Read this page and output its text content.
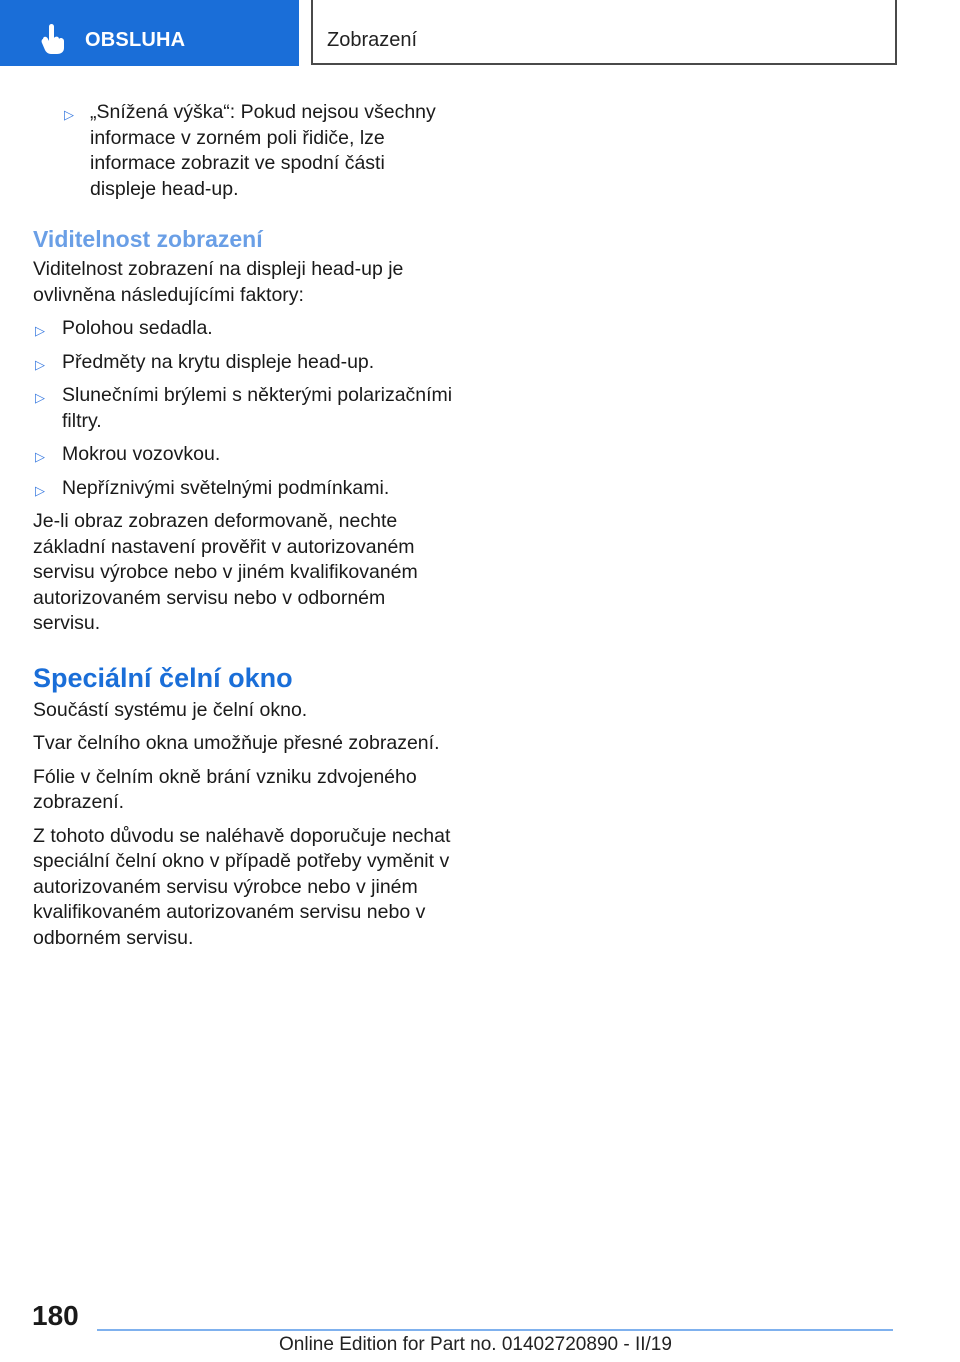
OBSLUHA	Zobrazení
▷ „Snížená výška“: Pokud nejsou všechny informace v zorném poli řidiče, lze informace zobrazit ve spodní části displeje head-up.
Viditelnost zobrazení

Viditelnost zobrazení na displeji head-up je ovlivněna následujícími faktory:

▷ Polohou sedadla.
▷ Předměty na krytu displeje head-up.
▷ Slunečními brýlemi s některými polarizačními filtry.
▷ Mokrou vozovkou.
▷ Nepříznivými světelnými podmínkami.

Je-li obraz zobrazen deformovaně, nechte základní nastavení prověřit v autorizovaném servisu výrobce nebo v jiném kvalifikovaném autorizovaném servisu nebo v odborném servisu.

Speciální čelní okno

Součástí systému je čelní okno.

Tvar čelního okna umožňuje přesné zobrazení.

Fólie v čelním okně brání vzniku zdvojeného zobrazení.

Z tohoto důvodu se naléhavě doporučuje nechat speciální čelní okno v případě potřeby vyměnit v autorizovaném servisu výrobce nebo v jiném kvalifikovaném autorizovaném servisu nebo v odborném servisu.

180
Online Edition for Part no. 01402720890 - II/19
